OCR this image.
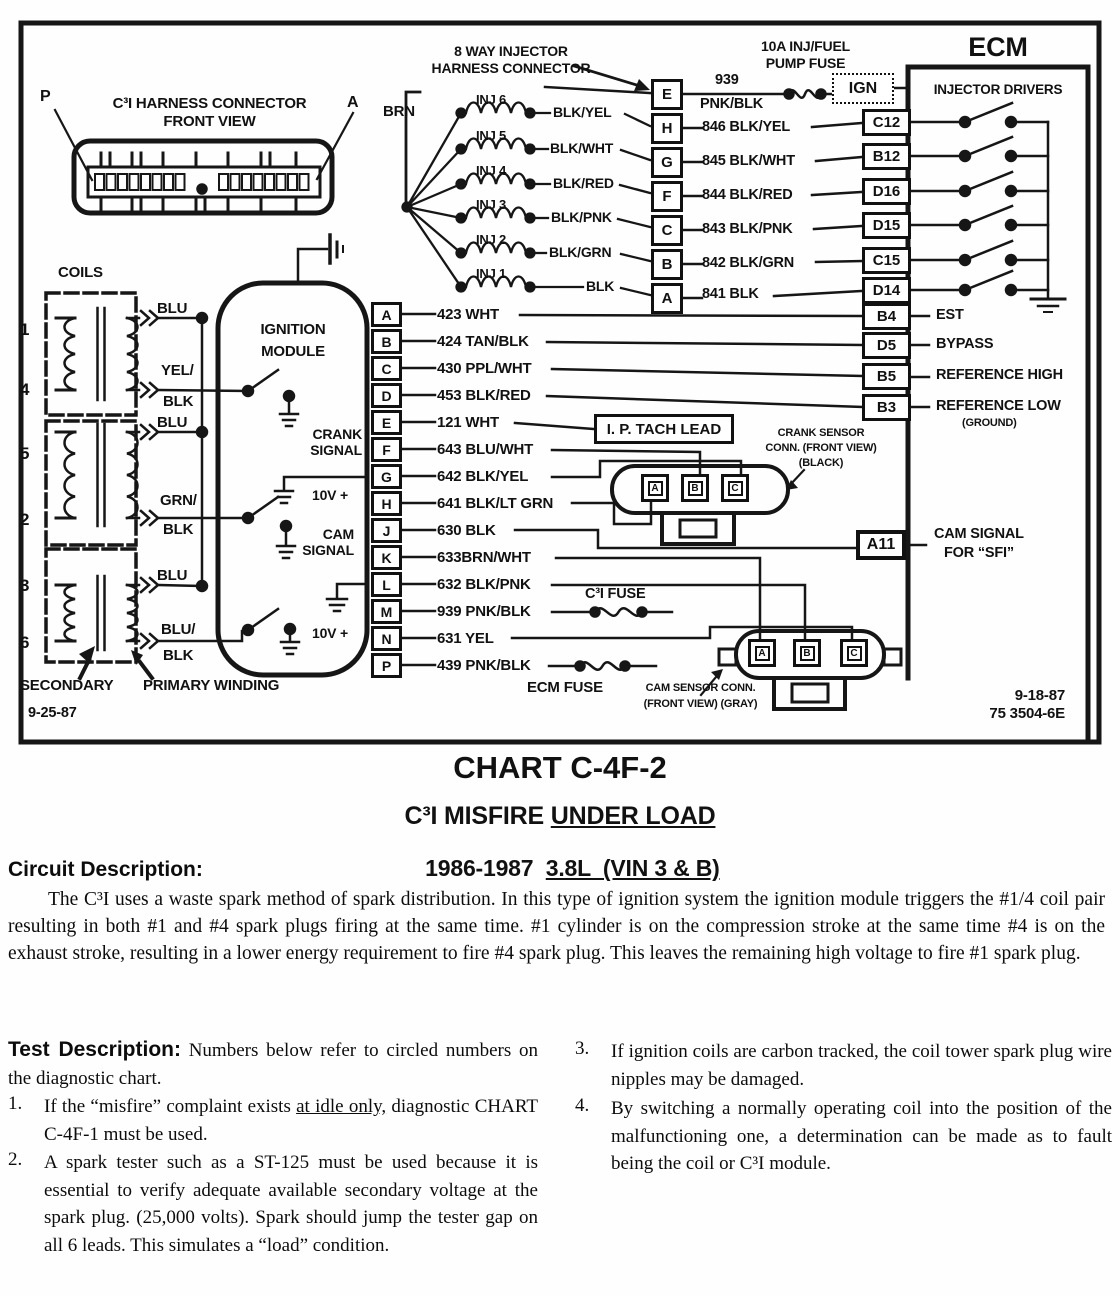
C³I HARNESS CONNECTOR
FRONT VIEW
P	A
8 WAY INJECTOR
HARNESS CONNECTOR
BRN
INJ 6
INJ 5
INJ 4
INJ 3
INJ 2
INJ 1
BLK/YEL
BLK/WHT
BLK/RED
BLK/PNK
BLK/GRN
BLK
E
H
G
F
C
B
A
939
PNK/BLK
10A INJ/FUEL
PUMP FUSE
IGN
ECM
INJECTOR DRIVERS
C12
B12
D16
D15
C15
D14
846 BLK/YEL
845 BLK/WHT
844 BLK/RED
843 BLK/PNK
842 BLK/GRN
841 BLK
B4
D5
B5
B3
EST
BYPASS
REFERENCE HIGH
REFERENCE LOW
(GROUND)
A11
CAM SIGNAL
FOR “SFI”
COILS
1
4
5
2
3
6
BLU
YEL/
BLK
BLU
GRN/
BLK
BLU
BLU/
BLK
SECONDARY PRIMARY WINDING
9-25-87
IGNITION
MODULE
CRANK
SIGNAL
10V +
CAM
SIGNAL
10V +
A
B
C
D
E
F
G
H
J
K
L
M
N
P
423 WHT
424 TAN/BLK
430 PPL/WHT
453 BLK/RED
121 WHT
643 BLU/WHT
642 BLK/YEL
641 BLK/LT GRN
630 BLK
633BRN/WHT
632 BLK/PNK
939 PNK/BLK
631 YEL
439 PNK/BLK
I. P. TACH LEAD	CRANK SENSOR
CONN. (FRONT VIEW)
(BLACK)
A	B	C
C³I FUSE
ECM FUSE
A	B	C
CAM SENSOR CONN.
(FRONT VIEW) (GRAY)	9-18-87
75 3504-6E
CHART C-4F-2
C³I MISFIRE UNDER LOAD

1986-1987  3.8L  (VIN 3 & B)

Circuit Description:
The C³I uses a waste spark method of spark distribution. In this type of ignition system the ignition module triggers the #1/4 coil pair resulting in both #1 and #4 spark plugs firing at the same time. #1 cylinder is on the compression stroke at the same time #4 is on the exhaust stroke, resulting in a lower energy requirement to fire #4 spark plug. This leaves the remaining high voltage to fire #1 spark plug.
Test Description: Numbers below refer to circled numbers on the diagnostic chart.
1.	If the “misfire” complaint exists at idle only, diagnostic CHART C-4F-1 must be used.
2.	A spark tester such as a ST-125 must be used because it is essential to verify adequate available secondary voltage at the spark plug. (25,000 volts). Spark should jump the tester gap on all 6 leads. This simulates a “load” condition.
3.	If ignition coils are carbon tracked, the coil tower spark plug wire nipples may be damaged.
4.	By switching a normally operating coil into the position of the malfunctioning one, a determination can be made as to fault being the coil or C³I module.
